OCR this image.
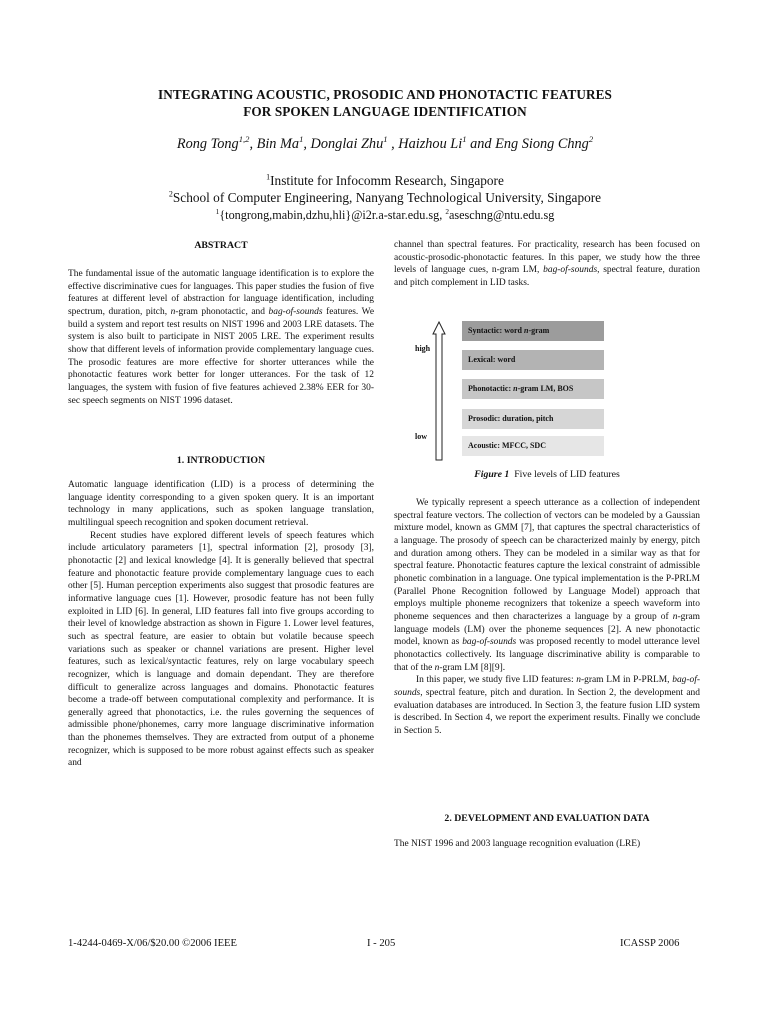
INTEGRATING ACOUSTIC, PROSODIC AND PHONOTACTIC FEATURES
FOR SPOKEN LANGUAGE IDENTIFICATION
Rong Tong$^{1,2}$, Bin Ma$^1$, Donglai Zhu$^1$ , Haizhou Li$^1$ and Eng Siong Chng$^2$
$^1$Institute for Infocomm Research, Singapore
$^2$School of Computer Engineering, Nanyang Technological University, Singapore
$^1${tongrong,mabin,dzhu,hli}@i2r.a-star.edu.sg, $^2$aseschng@ntu.edu.sg
ABSTRACT

The fundamental issue of the automatic language identification is to explore the effective discriminative cues for languages. This paper studies the fusion of five features at different level of abstraction for language identification, including spectrum, duration, pitch, n-gram phonotactic, and bag-of-sounds features. We build a system and report test results on NIST 1996 and 2003 LRE datasets. The system is also built to participate in NIST 2005 LRE. The experiment results show that different levels of information provide complementary language cues. The prosodic features are more effective for shorter utterances while the phonotactic features work better for longer utterances. For the task of 12 languages, the system with fusion of five features achieved 2.38% EER for 30-sec speech segments on NIST 1996 dataset.

1. INTRODUCTION

Automatic language identification (LID) is a process of determining the language identity corresponding to a given spoken query. It is an important technology in many applications, such as spoken language translation, multilingual speech recognition and spoken document retrieval.

Recent studies have explored different levels of speech features which include articulatory parameters [1], spectral information [2], prosody [3], phonotactic [2] and lexical knowledge [4]. It is generally believed that spectral feature and phonotactic feature provide complementary language cues to each other [5]. Human perception experiments also suggest that prosodic features are informative language cues [1]. However, prosodic feature has not been fully exploited in LID [6]. In general, LID features fall into five groups according to their level of knowledge abstraction as shown in Figure 1. Lower level features, such as spectral feature, are easier to obtain but volatile because speech variations such as speaker or channel variations are present. Higher level features, such as lexical/syntactic features, rely on large vocabulary speech recognizer, which is language and domain dependant. They are therefore difficult to generalize across languages and domains. Phonotactic features become a trade-off between computational complexity and performance. It is generally agreed that phonotactics, i.e. the rules governing the sequences of admissible phone/phonemes, carry more language discriminative information than the phonemes themselves. They are extracted from output of a phoneme recognizer, which is supposed to be more robust against effects such as speaker and

channel than spectral features. For practicality, research has been focused on acoustic-prosodic-phonotactic features. In this paper, we study how the three levels of language cues, n-gram LM, bag-of-sounds, spectral feature, duration and pitch complement in LID tasks.

high
low
Syntactic: word n-gram
Lexical: word
Phonotactic: n-gram LM, BOS
Prosodic: duration, pitch
Acoustic: MFCC, SDC
Figure 1 Five levels of LID features

We typically represent a speech utterance as a collection of independent spectral feature vectors. The collection of vectors can be modeled by a Gaussian mixture model, known as GMM [7], that captures the spectral characteristics of a language. The prosody of speech can be characterized mainly by energy, pitch and duration among others. They can be modeled in a similar way as that for spectral feature. Phonotactic features capture the lexical constraint of admissible phonetic combination in a language. One typical implementation is the P-PRLM (Parallel Phone Recognition followed by Language Model) approach that employs multiple phoneme recognizers that tokenize a speech waveform into phoneme sequences and then characterizes a language by a group of n-gram language models (LM) over the phoneme sequences [2]. A new phonotactic model, known as bag-of-sounds was proposed recently to model utterance level phonotactics collectively. Its language discriminative ability is comparable to that of the n-gram LM [8][9].

In this paper, we study five LID features: n-gram LM in P-PRLM, bag-of-sounds, spectral feature, pitch and duration. In Section 2, the development and evaluation databases are introduced. In Section 3, the feature fusion LID system is described. In Section 4, we report the experiment results. Finally we conclude in Section 5.

2. DEVELOPMENT AND EVALUATION DATA

The NIST 1996 and 2003 language recognition evaluation (LRE)

1-4244-0469-X/06/$20.00 ©2006 IEEE	I - 205	ICASSP 2006
